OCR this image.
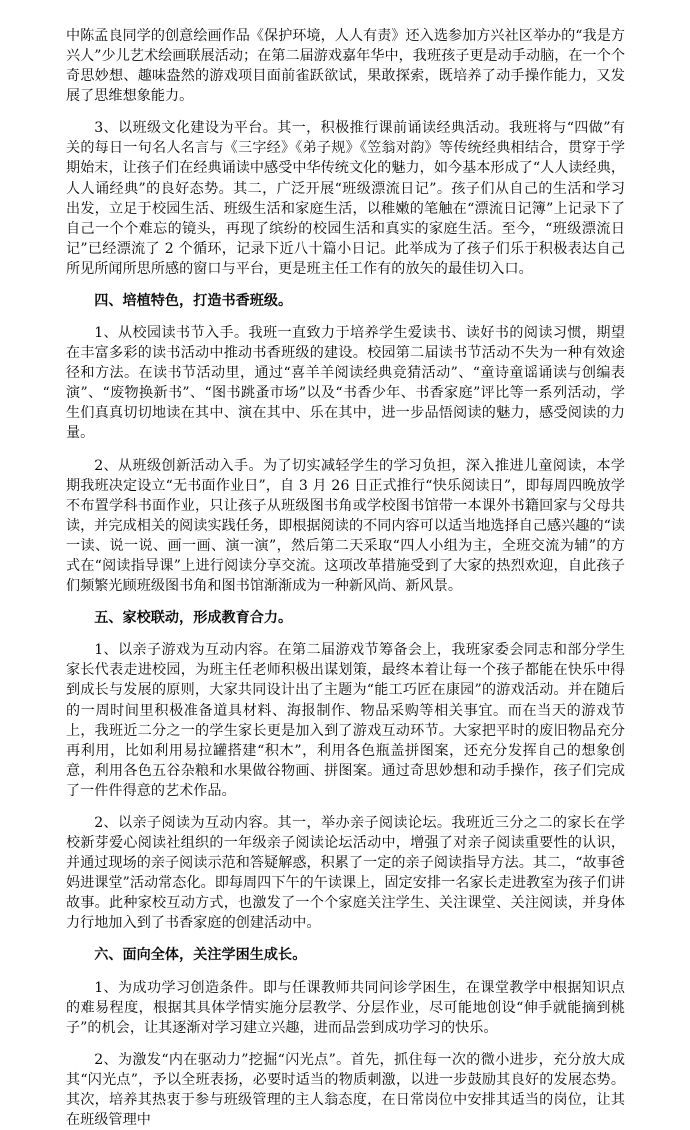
中陈孟良同学的创意绘画作品《保护环境，人人有责》还入选参加方兴社区举办的“我是方兴人”少儿艺术绘画联展活动；在第二届游戏嘉年华中，我班孩子更是动手动脑，在一个个奇思妙想、趣味盎然的游戏项目面前雀跃欲试，果敢探索，既培养了动手操作能力，又发展了思维想象能力。

3、以班级文化建设为平台。其一，积极推行课前诵读经典活动。我班将与“四做”有关的每日一句名人名言与《三字经》《弟子规》《笠翁对韵》等传统经典相结合，贯穿于学期始末，让孩子们在经典诵读中感受中华传统文化的魅力，如今基本形成了“人人读经典，人人诵经典”的良好态势。其二，广泛开展“班级漂流日记”。孩子们从自己的生活和学习出发，立足于校园生活、班级生活和家庭生活，以稚嫩的笔触在“漂流日记簿”上记录下了自己一个个难忘的镜头，再现了缤纷的校园生活和真实的家庭生活。至今，“班级漂流日记”已经漂流了 2 个循环，记录下近八十篇小日记。此举成为了孩子们乐于积极表达自己所见所闻所思所感的窗口与平台，更是班主任工作有的放矢的最佳切入口。

四、培植特色，打造书香班级。

1、从校园读书节入手。我班一直致力于培养学生爱读书、读好书的阅读习惯，期望在丰富多彩的读书活动中推动书香班级的建设。校园第二届读书节活动不失为一种有效途径和方法。在读书节活动里，通过“喜羊羊阅读经典竞猜活动”、“童诗童谣诵读与创编表演”、“废物换新书”、“图书跳蚤市场”以及“书香少年、书香家庭”评比等一系列活动，学生们真真切切地读在其中、演在其中、乐在其中，进一步品悟阅读的魅力，感受阅读的力量。

2、从班级创新活动入手。为了切实减轻学生的学习负担，深入推进儿童阅读，本学期我班决定设立“无书面作业日”，自 3 月 26 日正式推行“快乐阅读日”，即每周四晚放学不布置学科书面作业，只让孩子从班级图书角或学校图书馆带一本课外书籍回家与父母共读，并完成相关的阅读实践任务，即根据阅读的不同内容可以适当地选择自己感兴趣的“读一读、说一说、画一画、演一演”，然后第二天采取“四人小组为主，全班交流为辅”的方式在“阅读指导课”上进行阅读分享交流。这项改革措施受到了大家的热烈欢迎，自此孩子们频繁光顾班级图书角和图书馆渐渐成为一种新风尚、新风景。

五、家校联动，形成教育合力。

1、以亲子游戏为互动内容。在第二届游戏节筹备会上，我班家委会同志和部分学生家长代表走进校园，为班主任老师积极出谋划策，最终本着让每一个孩子都能在快乐中得到成长与发展的原则，大家共同设计出了主题为“能工巧匠在康园”的游戏活动。并在随后的一周时间里积极准备道具材料、海报制作、物品采购等相关事宜。而在当天的游戏节上，我班近二分之一的学生家长更是加入到了游戏互动环节。大家把平时的废旧物品充分再利用，比如利用易拉罐搭建“积木”，利用各色瓶盖拼图案，还充分发挥自己的想象创意，利用各色五谷杂粮和水果做谷物画、拼图案。通过奇思妙想和动手操作，孩子们完成了一件件得意的艺术作品。

2、以亲子阅读为互动内容。其一，举办亲子阅读论坛。我班近三分之二的家长在学校新芽爱心阅读社组织的一年级亲子阅读论坛活动中，增强了对亲子阅读重要性的认识，并通过现场的亲子阅读示范和答疑解惑，积累了一定的亲子阅读指导方法。其二，“故事爸妈进课堂”活动常态化。即每周四下午的午读课上，固定安排一名家长走进教室为孩子们讲故事。此种家校互动方式，也激发了一个个家庭关注学生、关注课堂、关注阅读，并身体力行地加入到了书香家庭的创建活动中。

六、面向全体，关注学困生成长。

1、为成功学习创造条件。即与任课教师共同问诊学困生，在课堂教学中根据知识点的难易程度，根据其具体学情实施分层教学、分层作业，尽可能地创设“伸手就能摘到桃子”的机会，让其逐渐对学习建立兴趣，进而品尝到成功学习的快乐。

2、为激发“内在驱动力”挖掘“闪光点”。首先，抓住每一次的微小进步，充分放大成其“闪光点”，予以全班表扬，必要时适当的物质刺激，以进一步鼓励其良好的发展态势。其次，培养其热衷于参与班级管理的主人翁态度，在日常岗位中安排其适当的岗位，让其在班级管理中
